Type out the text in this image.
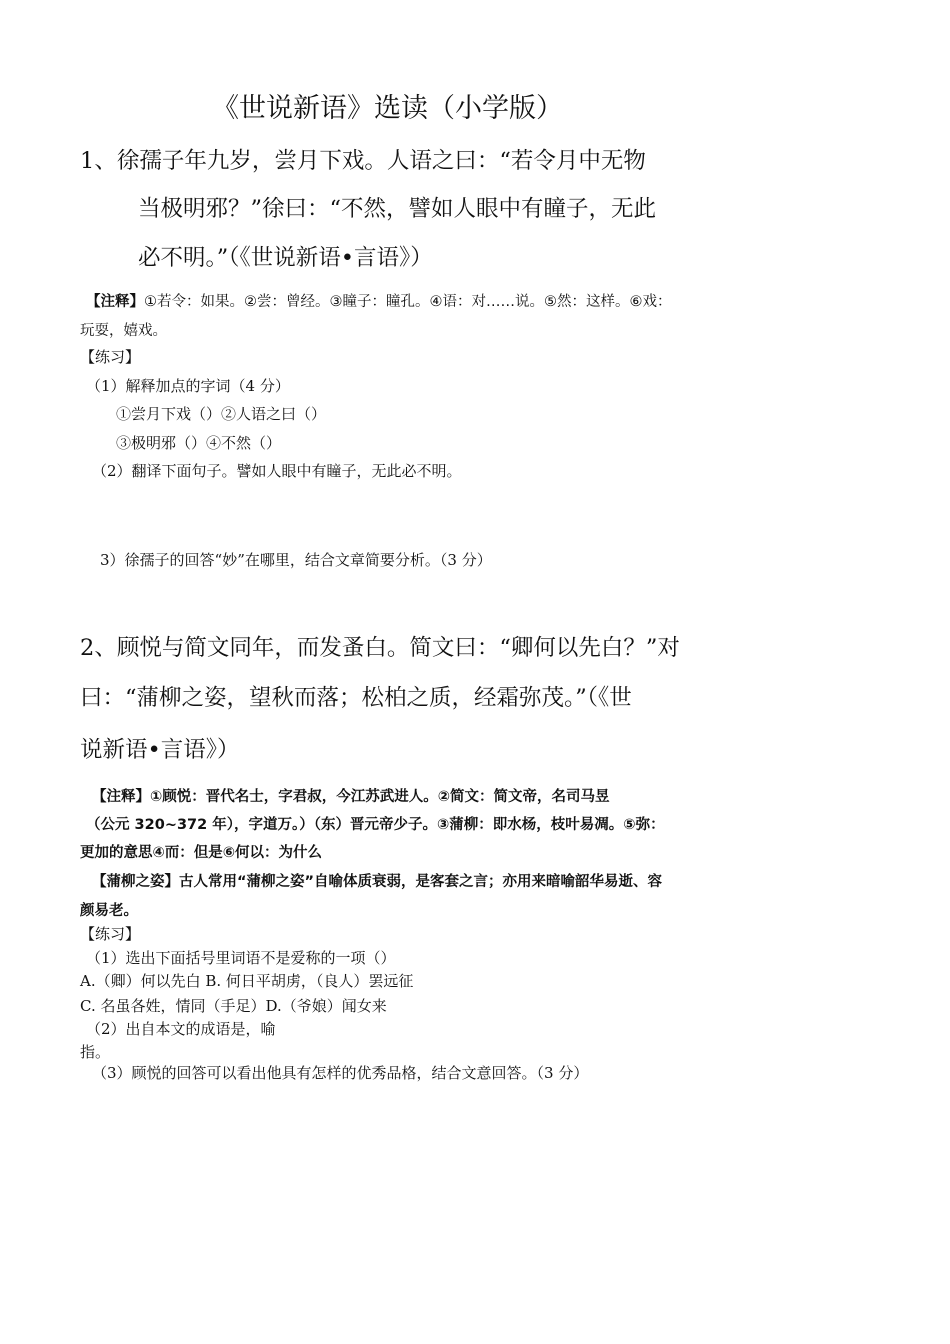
《世说新语》选读（小学版）
1、徐孺子年九岁，尝月下戏。人语之曰：“若令月中无物
当极明邪？”徐曰：“不然，譬如人眼中有瞳子，无此
必不明。”（《世说新语•言语》）
【注释】①若令：如果。②尝：曾经。③瞳子：瞳孔。④语：对……说。⑤然：这样。⑥戏：
玩耍，嬉戏。
【练习】
（1）解释加点的字词（4 分）
①尝月下戏（）②人语之曰（）
③极明邪（）④不然（）
（2）翻译下面句子。譬如人眼中有瞳子，无此必不明。
3）徐孺子的回答“妙”在哪里，结合文章简要分析。（3 分）
2、顾悦与简文同年，而发蚤白。简文曰：“卿何以先白？”对
曰：“蒲柳之姿，望秋而落；松柏之质，经霜弥茂。”（《世
说新语•言语》）
【注释】①顾悦：晋代名士，字君叔，今江苏武进人。②简文：简文帝，名司马昱
（公元 320~372 年），字道万。）（东）晋元帝少子。③蒲柳：即水杨，枝叶易凋。⑤弥：
更加的意思④而：但是⑥何以：为什么
【蒲柳之姿】古人常用“蒲柳之姿”自喻体质衰弱，是客套之言；亦用来暗喻韶华易逝、容
颜易老。
【练习】
（1）选出下面括号里词语不是爱称的一项（）
A.（卿）何以先白 B. 何日平胡虏，（良人）罢远征
C. 名虽各姓，情同（手足）D.（爷娘）闻女来
（2）出自本文的成语是，喻
指。
（3）顾悦的回答可以看出他具有怎样的优秀品格，结合文意回答。（3 分）
